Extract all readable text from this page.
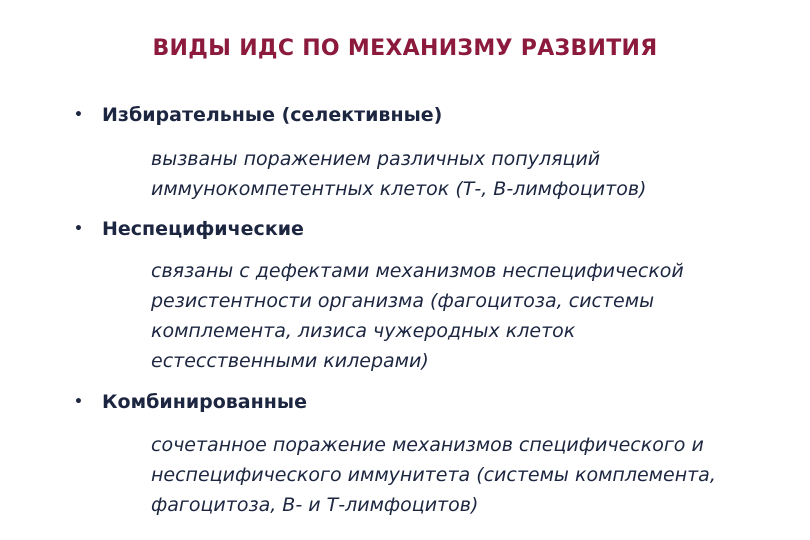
ВИДЫ ИДС ПО МЕХАНИЗМУ РАЗВИТИЯ
•	Избирательные (селективные)
вызваны поражением различных популяций
иммунокомпетентных клеток (Т-, В-лимфоцитов)
•	Неспецифические
связаны с дефектами механизмов неспецифической
резистентности организма (фагоцитоза, системы
комплемента, лизиса чужеродных клеток
естесственными килерами)
•	Комбинированные
сочетанное поражение механизмов специфического и
неспецифического иммунитета (системы комплемента,
фагоцитоза, В- и Т-лимфоцитов)
